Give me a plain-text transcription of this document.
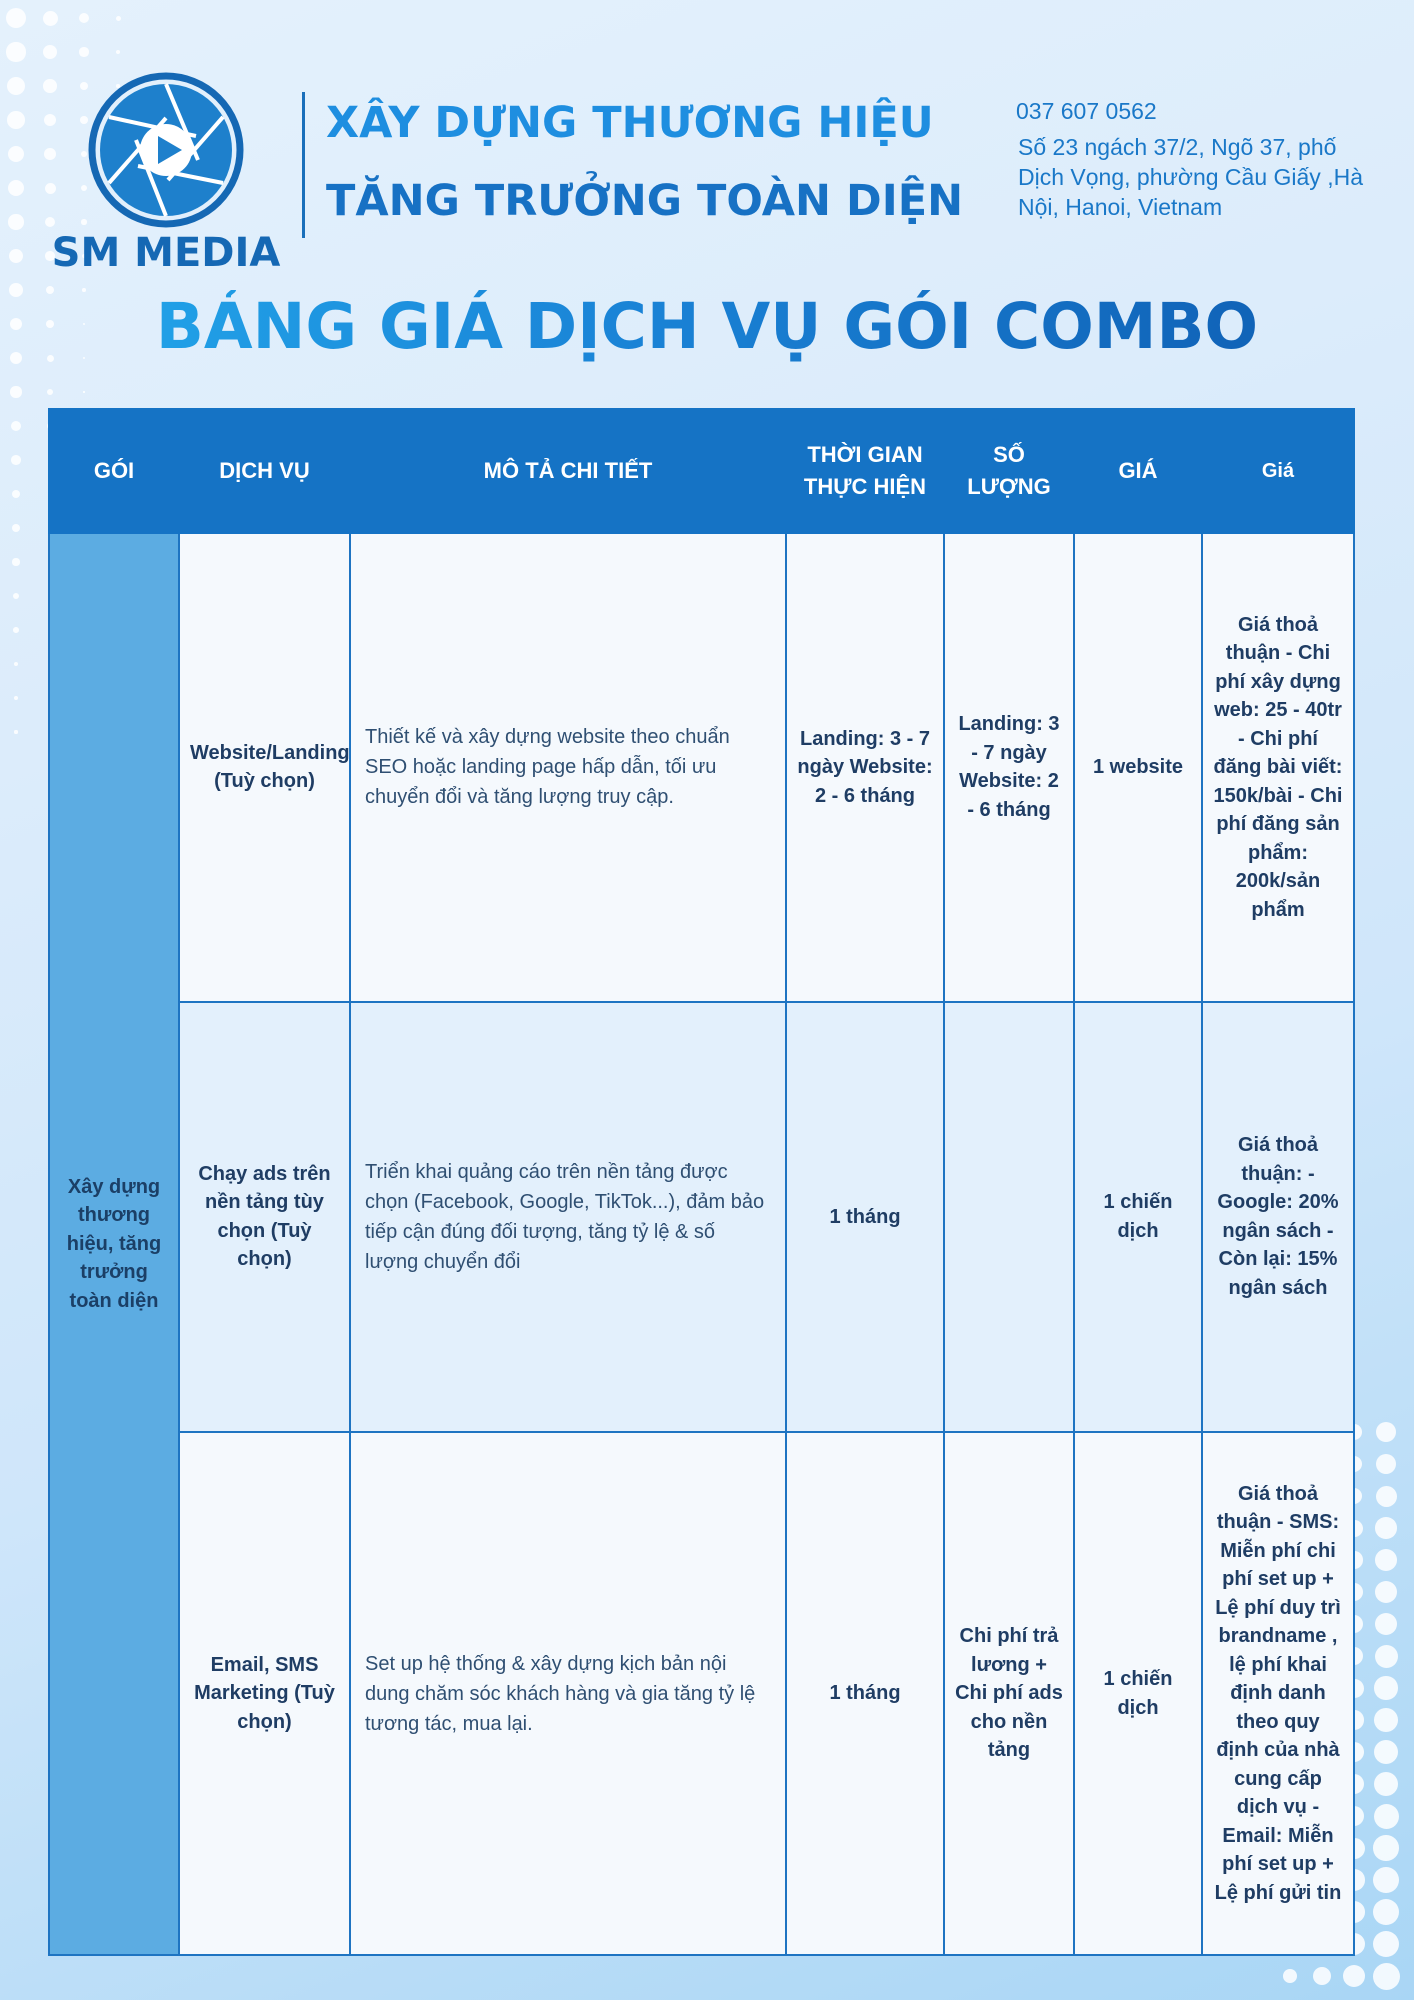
SM MEDIA
XÂY DỰNG THƯƠNG HIỆU
TĂNG TRƯỞNG TOÀN DIỆN
037 607 0562
Số 23 ngách 37/2, Ngõ 37, phố Dịch Vọng, phường Cầu Giấy ,Hà Nội, Hanoi, Vietnam
BẢNG GIÁ DỊCH VỤ GÓI COMBO
GÓI	DỊCH VỤ	MÔ TẢ CHI TIẾT	THỜI GIAN THỰC HIỆN	SỐ LƯỢNG	GIÁ	Giá
Xây dựng thương hiệu, tăng trưởng toàn diện	Website/Landing (Tuỳ chọn)	Thiết kế và xây dựng website theo chuẩn SEO hoặc landing page hấp dẫn, tối ưu chuyển đổi và tăng lượng truy cập.	Landing: 3 - 7 ngày Website: 2 - 6 tháng	Landing: 3 - 7 ngày Website: 2 - 6 tháng	1 website	Giá thoả thuận - Chi phí xây dựng web: 25 - 40tr - Chi phí đăng bài viết: 150k/bài - Chi phí đăng sản phẩm: 200k/sản phẩm
	Chạy ads trên nền tảng tùy chọn (Tuỳ chọn)	Triển khai quảng cáo trên nền tảng được chọn (Facebook, Google, TikTok...), đảm bảo tiếp cận đúng đối tượng, tăng tỷ lệ & số lượng chuyển đổi	1 tháng		1 chiến dịch	Giá thoả thuận: - Google: 20% ngân sách - Còn lại: 15% ngân sách
	Email, SMS Marketing (Tuỳ chọn)	Set up hệ thống & xây dựng kịch bản nội dung chăm sóc khách hàng và gia tăng tỷ lệ tương tác, mua lại.	1 tháng	Chi phí trả lương + Chi phí ads cho nền tảng	1 chiến dịch	Giá thoả thuận - SMS: Miễn phí chi phí set up + Lệ phí duy trì brandname , lệ phí khai định danh theo quy định của nhà cung cấp dịch vụ - Email: Miễn phí set up + Lệ phí gửi tin
